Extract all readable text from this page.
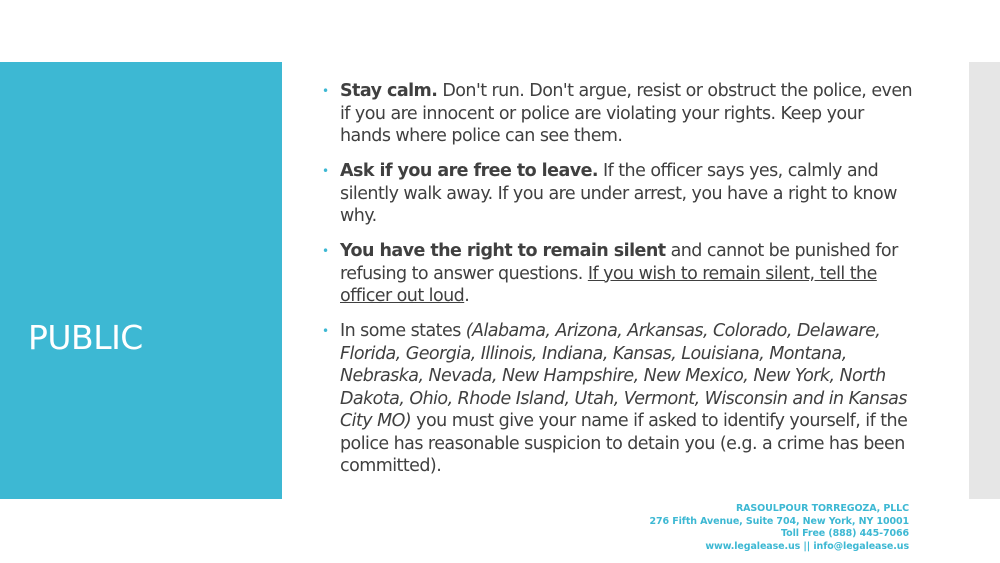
PUBLIC
• Stay calm. Don't run. Don't argue, resist or obstruct the police, even if you are innocent or police are violating your rights. Keep your hands where police can see them.
• Ask if you are free to leave. If the officer says yes, calmly and silently walk away. If you are under arrest, you have a right to know why.
• You have the right to remain silent and cannot be punished for refusing to answer questions. If you wish to remain silent, tell the officer out loud.
• In some states (Alabama, Arizona, Arkansas, Colorado, Delaware, Florida, Georgia, Illinois, Indiana, Kansas, Louisiana, Montana, Nebraska, Nevada, New Hampshire, New Mexico, New York, North Dakota, Ohio, Rhode Island, Utah, Vermont, Wisconsin and in Kansas City MO) you must give your name if asked to identify yourself, if the police has reasonable suspicion to detain you (e.g. a crime has been committed).
RASOULPOUR TORREGOZA, PLLC
276 Fifth Avenue, Suite 704, New York, NY 10001
Toll Free (888) 445-7066
www.legalease.us || info@legalease.us
